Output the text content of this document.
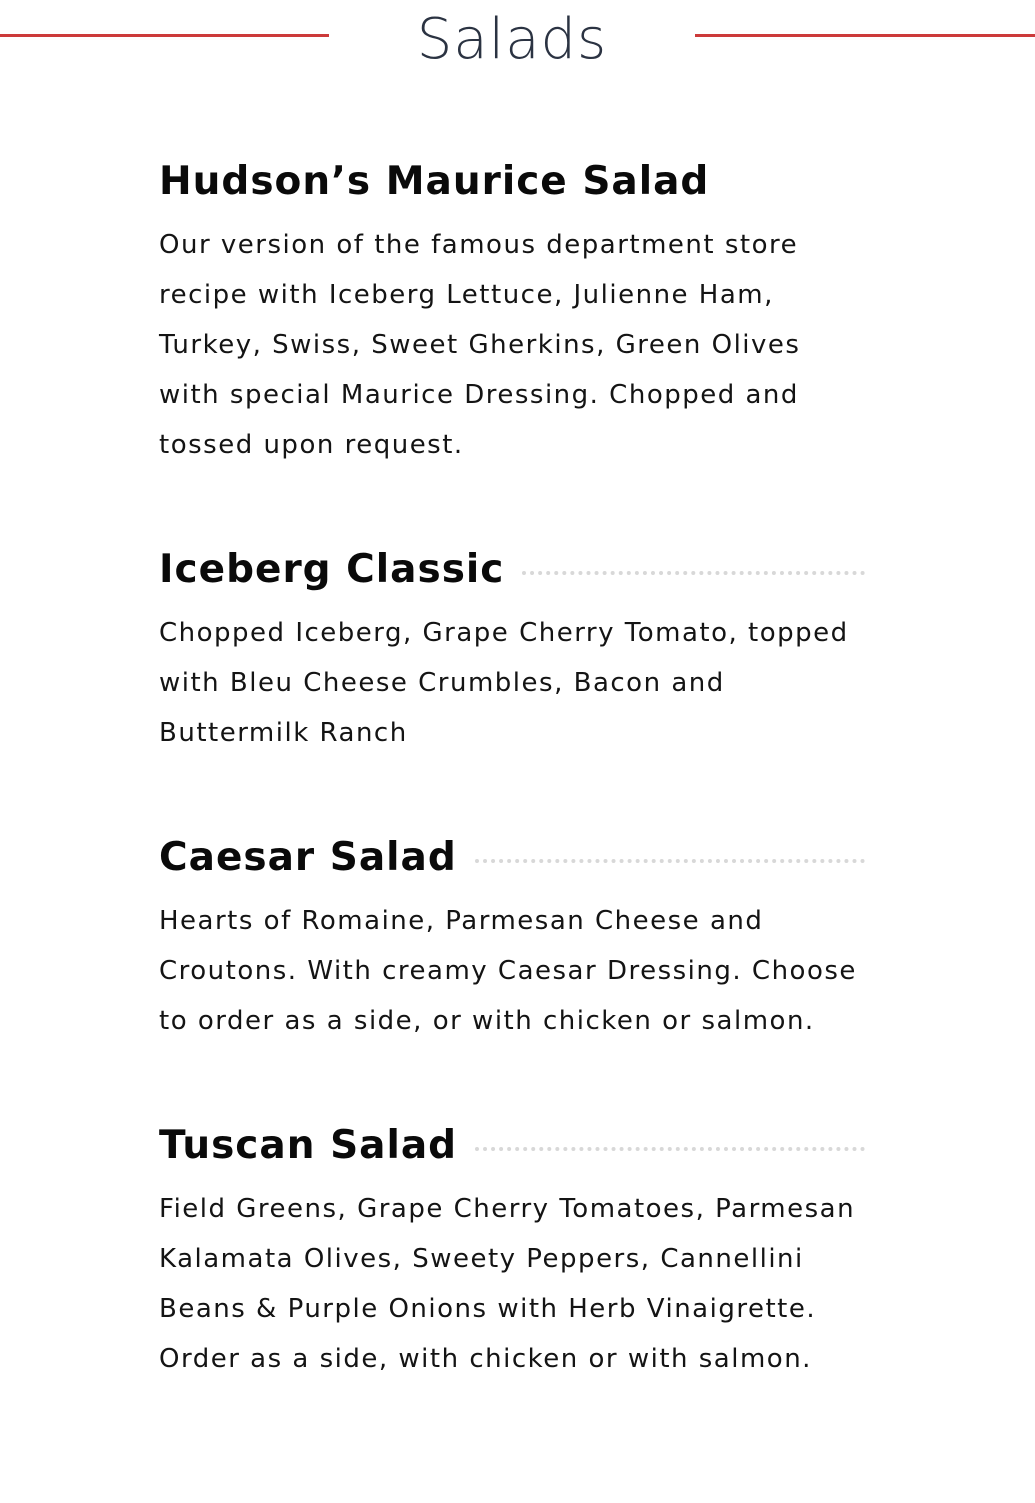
Salads
Hudson’s Maurice Salad
Our version of the famous department store recipe with Iceberg Lettuce, Julienne Ham, Turkey, Swiss, Sweet Gherkins, Green Olives with special Maurice Dressing. Chopped and tossed upon request.
Iceberg Classic
Chopped Iceberg, Grape Cherry Tomato, topped with Bleu Cheese Crumbles, Bacon and Buttermilk Ranch
Caesar Salad
Hearts of Romaine, Parmesan Cheese and Croutons. With creamy Caesar Dressing. Choose to order as a side, or with chicken or salmon.
Tuscan Salad
Field Greens, Grape Cherry Tomatoes, Parmesan Kalamata Olives, Sweety Peppers, Cannellini Beans & Purple Onions with Herb Vinaigrette. Order as a side, with chicken or with salmon.
